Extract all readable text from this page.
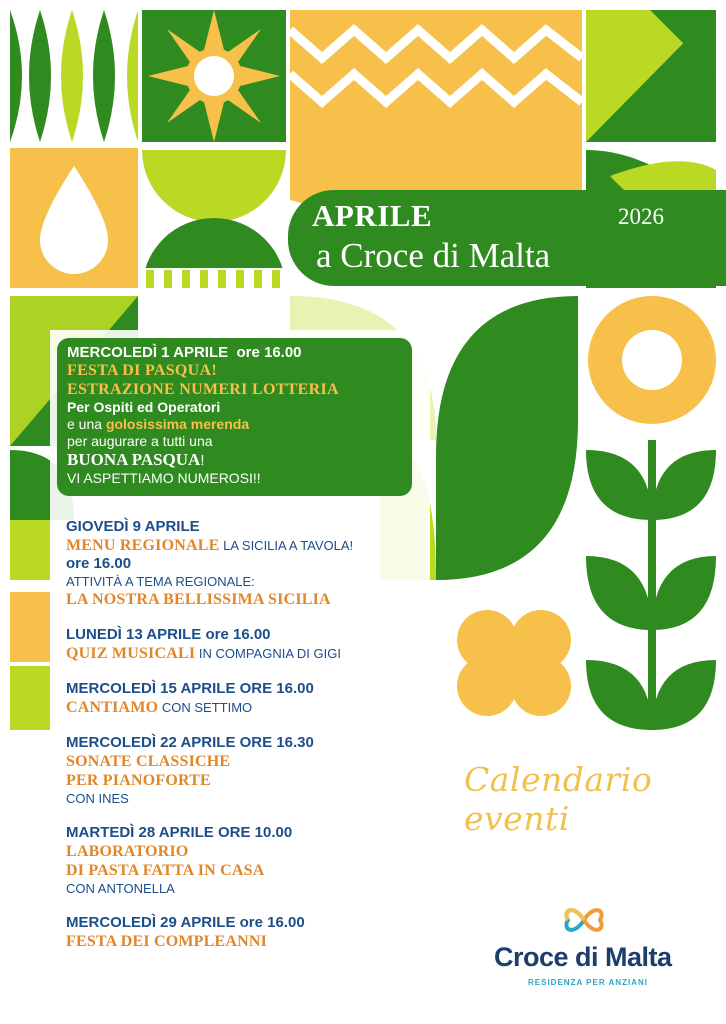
APRILE	2026
a Croce di Malta
MERCOLEDÌ 1 APRILE  ore 16.00
FESTA DI PASQUA!
ESTRAZIONE NUMERI LOTTERIA
Per Ospiti ed Operatori
e una golosissima merenda
per augurare a tutti una
BUONA PASQUA!
VI ASPETTIAMO NUMEROSI!!
GIOVEDÌ 9 APRILE
MENU REGIONALE LA SICILIA A TAVOLA!
ore 16.00
ATTIVITÀ A TEMA REGIONALE:
LA NOSTRA BELLISSIMA SICILIA
LUNEDÌ 13 APRILE ore 16.00
QUIZ MUSICALI IN COMPAGNIA DI GIGI
MERCOLEDÌ 15 APRILE ORE 16.00
CANTIAMO CON SETTIMO
MERCOLEDÌ 22 APRILE ORE 16.30
SONATE CLASSICHE
PER PIANOFORTE
CON INES
MARTEDÌ 28 APRILE ORE 10.00
LABORATORIO
DI PASTA FATTA IN CASA
CON ANTONELLA
MERCOLEDÌ 29 APRILE ore 16.00
FESTA DEI COMPLEANNI
Calendario eventi
Croce di Malta
RESIDENZA PER ANZIANI
